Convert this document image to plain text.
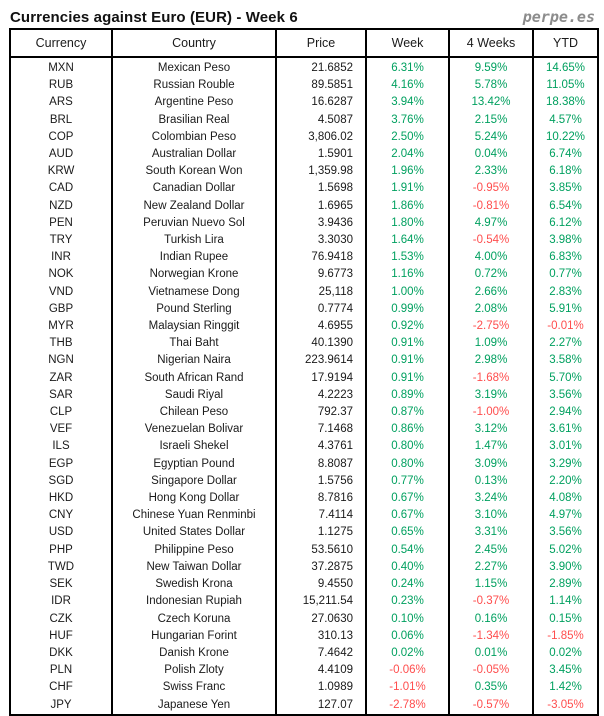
Currencies against Euro (EUR) - Week 6	perpe.es
Currency	Country	Price	Week	4 Weeks	YTD
MXN	Mexican Peso	21.6852	6.31%	9.59%	14.65%
RUB	Russian Rouble	89.5851	4.16%	5.78%	11.05%
ARS	Argentine Peso	16.6287	3.94%	13.42%	18.38%
BRL	Brasilian Real	4.5087	3.76%	2.15%	4.57%
COP	Colombian Peso	3,806.02	2.50%	5.24%	10.22%
AUD	Australian Dollar	1.5901	2.04%	0.04%	6.74%
KRW	South Korean Won	1,359.98	1.96%	2.33%	6.18%
CAD	Canadian Dollar	1.5698	1.91%	-0.95%	3.85%
NZD	New Zealand Dollar	1.6965	1.86%	-0.81%	6.54%
PEN	Peruvian Nuevo Sol	3.9436	1.80%	4.97%	6.12%
TRY	Turkish Lira	3.3030	1.64%	-0.54%	3.98%
INR	Indian Rupee	76.9418	1.53%	4.00%	6.83%
NOK	Norwegian Krone	9.6773	1.16%	0.72%	0.77%
VND	Vietnamese Dong	25,118	1.00%	2.66%	2.83%
GBP	Pound Sterling	0.7774	0.99%	2.08%	5.91%
MYR	Malaysian Ringgit	4.6955	0.92%	-2.75%	-0.01%
THB	Thai Baht	40.1390	0.91%	1.09%	2.27%
NGN	Nigerian Naira	223.9614	0.91%	2.98%	3.58%
ZAR	South African Rand	17.9194	0.91%	-1.68%	5.70%
SAR	Saudi Riyal	4.2223	0.89%	3.19%	3.56%
CLP	Chilean Peso	792.37	0.87%	-1.00%	2.94%
VEF	Venezuelan Bolivar	7.1468	0.86%	3.12%	3.61%
ILS	Israeli Shekel	4.3761	0.80%	1.47%	3.01%
EGP	Egyptian Pound	8.8087	0.80%	3.09%	3.29%
SGD	Singapore Dollar	1.5756	0.77%	0.13%	2.20%
HKD	Hong Kong Dollar	8.7816	0.67%	3.24%	4.08%
CNY	Chinese Yuan Renminbi	7.4114	0.67%	3.10%	4.97%
USD	United States Dollar	1.1275	0.65%	3.31%	3.56%
PHP	Philippine Peso	53.5610	0.54%	2.45%	5.02%
TWD	New Taiwan Dollar	37.2875	0.40%	2.27%	3.90%
SEK	Swedish Krona	9.4550	0.24%	1.15%	2.89%
IDR	Indonesian Rupiah	15,211.54	0.23%	-0.37%	1.14%
CZK	Czech Koruna	27.0630	0.10%	0.16%	0.15%
HUF	Hungarian Forint	310.13	0.06%	-1.34%	-1.85%
DKK	Danish Krone	7.4642	0.02%	0.01%	0.02%
PLN	Polish Zloty	4.4109	-0.06%	-0.05%	3.45%
CHF	Swiss Franc	1.0989	-1.01%	0.35%	1.42%
JPY	Japanese Yen	127.07	-2.78%	-0.57%	-3.05%
